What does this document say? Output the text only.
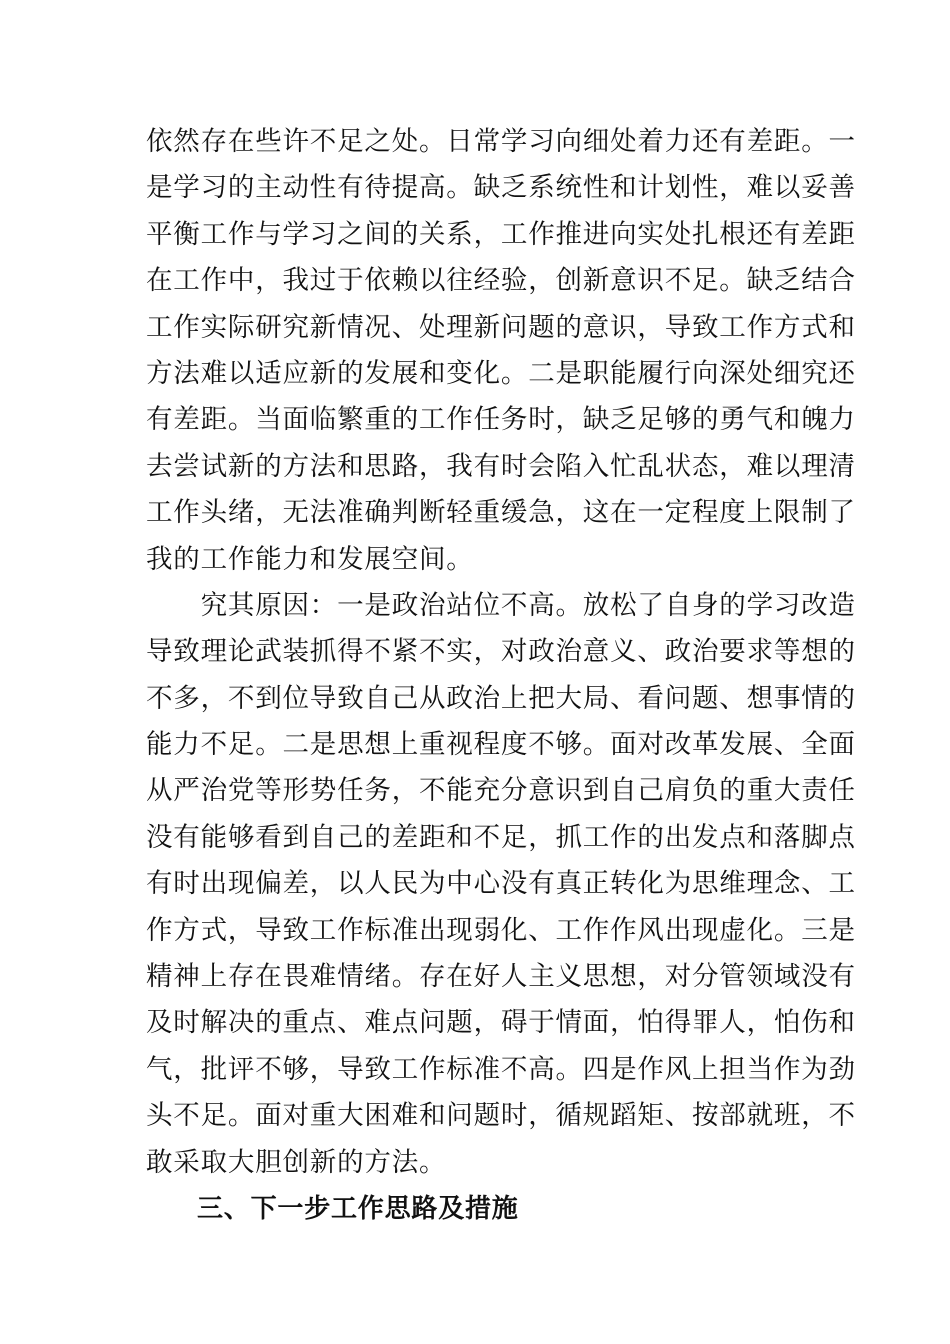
依然存在些许不足之处。日常学习向细处着力还有差距。一
是学习的主动性有待提高。缺乏系统性和计划性，难以妥善
平衡工作与学习之间的关系，工作推进向实处扎根还有差距
在工作中，我过于依赖以往经验，创新意识不足。缺乏结合
工作实际研究新情况、处理新问题的意识，导致工作方式和
方法难以适应新的发展和变化。二是职能履行向深处细究还
有差距。当面临繁重的工作任务时，缺乏足够的勇气和魄力
去尝试新的方法和思路，我有时会陷入忙乱状态，难以理清
工作头绪，无法准确判断轻重缓急，这在一定程度上限制了
我的工作能力和发展空间。
　　究其原因：一是政治站位不高。放松了自身的学习改造
导致理论武装抓得不紧不实，对政治意义、政治要求等想的
不多，不到位导致自己从政治上把大局、看问题、想事情的
能力不足。二是思想上重视程度不够。面对改革发展、全面
从严治党等形势任务，不能充分意识到自己肩负的重大责任
没有能够看到自己的差距和不足，抓工作的出发点和落脚点
有时出现偏差，以人民为中心没有真正转化为思维理念、工
作方式，导致工作标准出现弱化、工作作风出现虚化。三是
精神上存在畏难情绪。存在好人主义思想，对分管领域没有
及时解决的重点、难点问题，碍于情面，怕得罪人，怕伤和
气，批评不够，导致工作标准不高。四是作风上担当作为劲
头不足。面对重大困难和问题时，循规蹈矩、按部就班，不
敢采取大胆创新的方法。
三、下一步工作思路及措施
